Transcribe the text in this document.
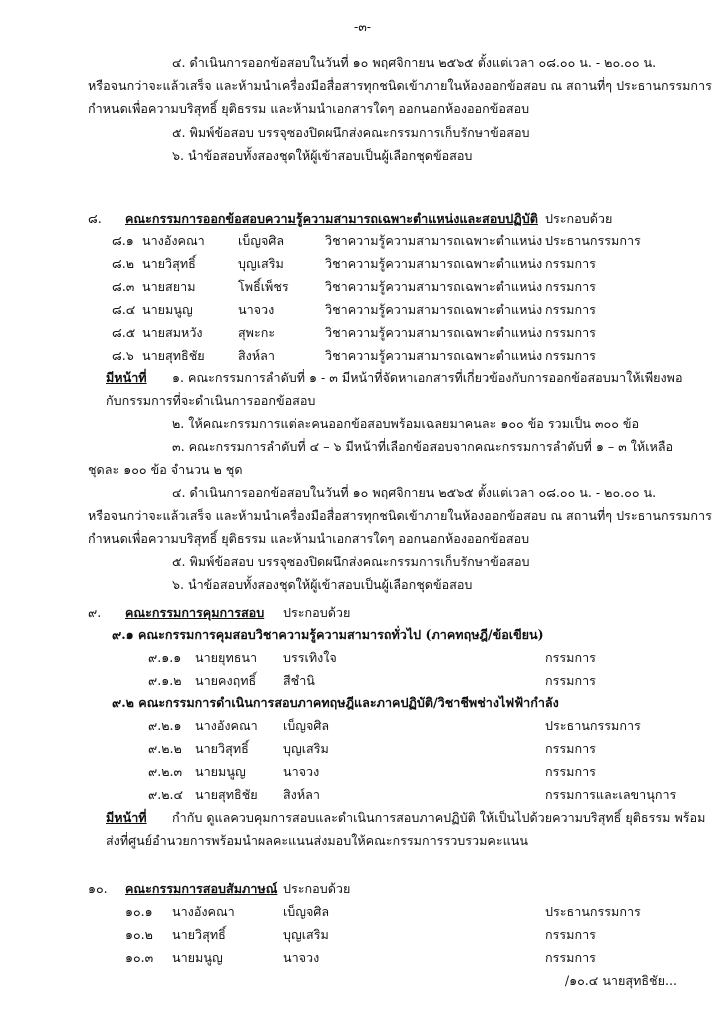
-๓-
๔. ดำเนินการออกข้อสอบในวันที่ ๑๐ พฤศจิกายน ๒๕๖๕ ตั้งแต่เวลา ๐๘.๐๐ น. - ๒๐.๐๐ น.
หรือจนกว่าจะแล้วเสร็จ และห้ามนำเครื่องมือสื่อสารทุกชนิดเข้าภายในห้องออกข้อสอบ ณ สถานที่ๆ ประธานกรรมการ
กำหนดเพื่อความบริสุทธิ์ ยุติธรรม และห้ามนำเอกสารใดๆ ออกนอกห้องออกข้อสอบ
๕. พิมพ์ข้อสอบ บรรจุซองปิดผนึกส่งคณะกรรมการเก็บรักษาข้อสอบ
๖. นำข้อสอบทั้งสองชุดให้ผู้เข้าสอบเป็นผู้เลือกชุดข้อสอบ
๘. คณะกรรมการออกข้อสอบความรู้ความสามารถเฉพาะตำแหน่งและสอบปฏิบัติ ประกอบด้วย
๘.๑ นางอังคณา	เบ็ญจศิล	วิชาความรู้ความสามารถเฉพาะตำแหน่ง ประธานกรรมการ
๘.๒ นายวิสุทธิ์	บุญเสริม	วิชาความรู้ความสามารถเฉพาะตำแหน่ง กรรมการ
๘.๓ นายสยาม	โพธิ์เพ็ชร	วิชาความรู้ความสามารถเฉพาะตำแหน่ง กรรมการ
๘.๔ นายมนูญ	นาจวง	วิชาความรู้ความสามารถเฉพาะตำแหน่ง กรรมการ
๘.๕ นายสมหวัง	สุพะกะ	วิชาความรู้ความสามารถเฉพาะตำแหน่ง กรรมการ
๘.๖ นายสุทธิชัย	สิงห์ลา	วิชาความรู้ความสามารถเฉพาะตำแหน่ง กรรมการ
มีหน้าที่ ๑. คณะกรรมการลำดับที่ ๑ - ๓ มีหน้าที่จัดหาเอกสารที่เกี่ยวข้องกับการออกข้อสอบมาให้เพียงพอ
กับกรรมการที่จะดำเนินการออกข้อสอบ
๒. ให้คณะกรรมการแต่ละคนออกข้อสอบพร้อมเฉลยมาคนละ ๑๐๐ ข้อ รวมเป็น ๓๐๐ ข้อ
๓. คณะกรรมการลำดับที่ ๔ – ๖ มีหน้าที่เลือกข้อสอบจากคณะกรรมการลำดับที่ ๑ – ๓ ให้เหลือ
ชุดละ ๑๐๐ ข้อ จำนวน ๒ ชุด
๔. ดำเนินการออกข้อสอบในวันที่ ๑๐ พฤศจิกายน ๒๕๖๕ ตั้งแต่เวลา ๐๘.๐๐ น. - ๒๐.๐๐ น.
หรือจนกว่าจะแล้วเสร็จ และห้ามนำเครื่องมือสื่อสารทุกชนิดเข้าภายในห้องออกข้อสอบ ณ สถานที่ๆ ประธานกรรมการ
กำหนดเพื่อความบริสุทธิ์ ยุติธรรม และห้ามนำเอกสารใดๆ ออกนอกห้องออกข้อสอบ
๕. พิมพ์ข้อสอบ บรรจุซองปิดผนึกส่งคณะกรรมการเก็บรักษาข้อสอบ
๖. นำข้อสอบทั้งสองชุดให้ผู้เข้าสอบเป็นผู้เลือกชุดข้อสอบ
๙. คณะกรรมการคุมการสอบ ประกอบด้วย
๙.๑ คณะกรรมการคุมสอบวิชาความรู้ความสามารถทั่วไป (ภาคทฤษฎี/ข้อเขียน)
๙.๑.๑ นายยุทธนา บรรเทิงใจ	กรรมการ
๙.๑.๒ นายคงฤทธิ์ สีชำนิ	กรรมการ
๙.๒ คณะกรรมการดำเนินการสอบภาคทฤษฎีและภาคปฏิบัติ/วิชาชีพช่างไฟฟ้ากำลัง
๙.๒.๑ นางอังคณา เบ็ญจศิล	ประธานกรรมการ
๙.๒.๒ นายวิสุทธิ์	บุญเสริม	กรรมการ
๙.๒.๓ นายมนูญ	นาจวง	กรรมการ
๙.๒.๔ นายสุทธิชัย สิงห์ลา	กรรมการและเลขานุการ
มีหน้าที่ กำกับ ดูแลควบคุมการสอบและดำเนินการสอบภาคปฏิบัติ ให้เป็นไปด้วยความบริสุทธิ์ ยุติธรรม พร้อม
ส่งที่ศูนย์อำนวยการพร้อมนำผลคะแนนส่งมอบให้คณะกรรมการรวบรวมคะแนน
๑๐. คณะกรรมการสอบสัมภาษณ์ ประกอบด้วย
๑๐.๑ นางอังคณา	เบ็ญจศิล	ประธานกรรมการ
๑๐.๒ นายวิสุทธิ์	บุญเสริม	กรรมการ
๑๐.๓ นายมนูญ	นาจวง	กรรมการ
/๑๐.๔ นายสุทธิชัย...
